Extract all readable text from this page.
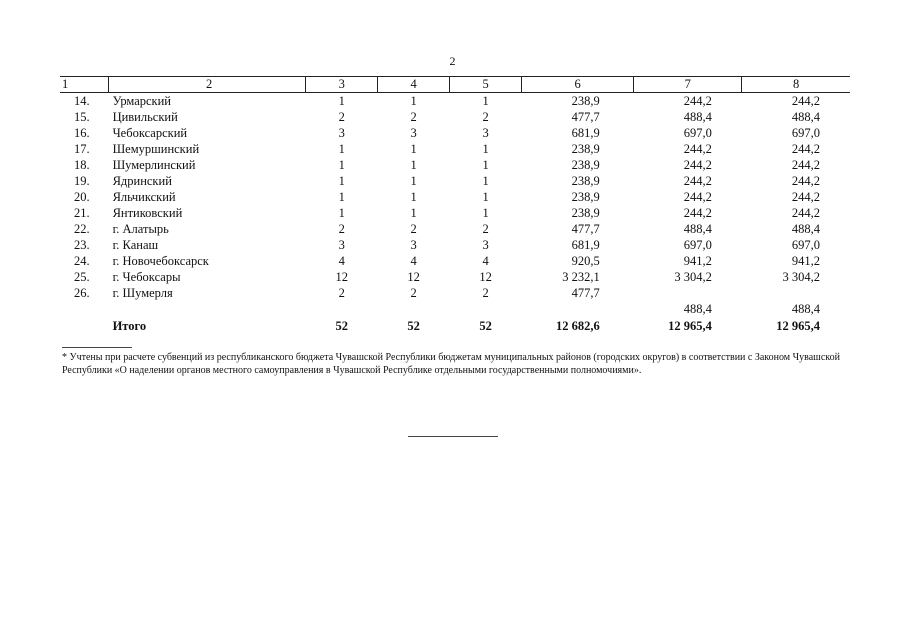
2
1	2	3	4	5	6	7	8
14.	Урмарский	1	1	1	238,9	244,2	244,2
15.	Цивильский	2	2	2	477,7	488,4	488,4
16.	Чебоксарский	3	3	3	681,9	697,0	697,0
17.	Шемуршинский	1	1	1	238,9	244,2	244,2
18.	Шумерлинский	1	1	1	238,9	244,2	244,2
19.	Ядринский	1	1	1	238,9	244,2	244,2
20.	Яльчикский	1	1	1	238,9	244,2	244,2
21.	Янтиковский	1	1	1	238,9	244,2	244,2
22.	г. Алатырь	2	2	2	477,7	488,4	488,4
23.	г. Канаш	3	3	3	681,9	697,0	697,0
24.	г. Новочебоксарск	4	4	4	920,5	941,2	941,2
25.	г. Чебоксары	12	12	12	3 232,1	3 304,2	3 304,2
26.	г. Шумерля	2	2	2	477,7		
						488,4	488,4
	Итого	52	52	52	12 682,6	12 965,4	12 965,4
* Учтены при расчете субвенций из республиканского бюджета Чувашской Республики бюджетам муниципальных районов (городских округов) в соответствии с Законом Чувашской Республики «О наделении органов местного самоуправления в Чувашской Республике отдельными государственными полномочиями».
